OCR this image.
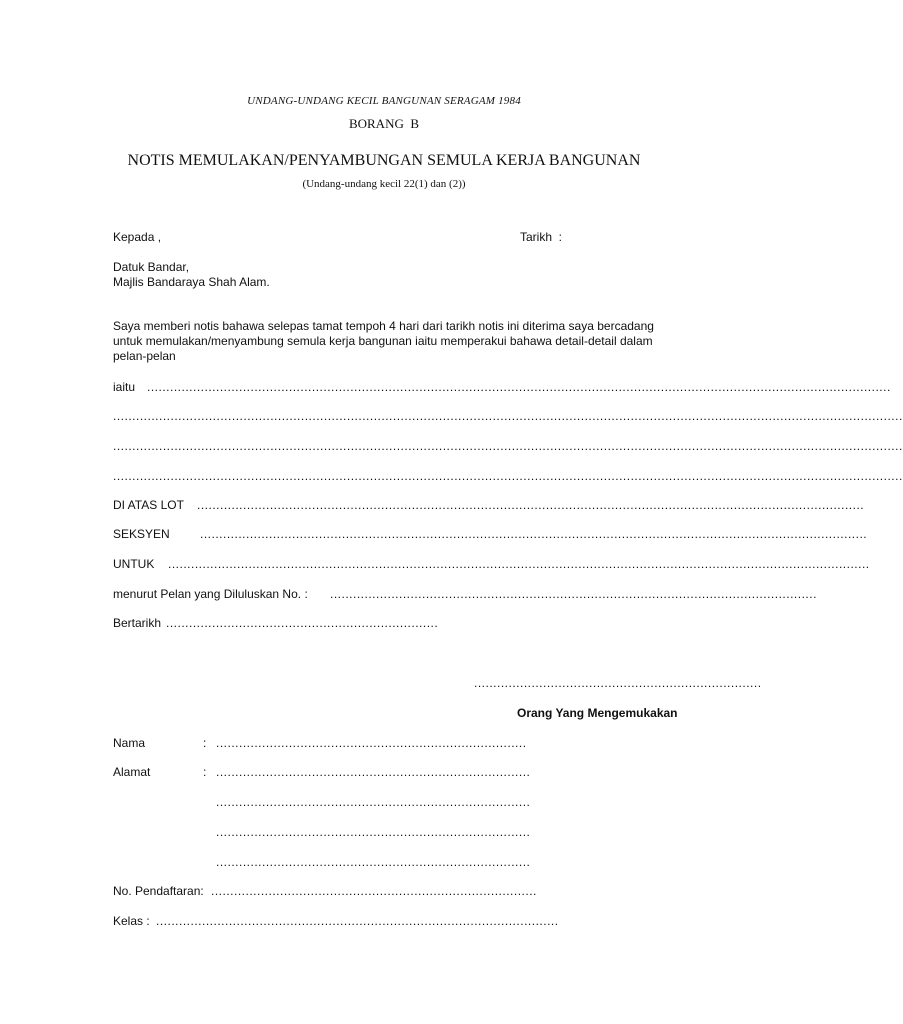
UNDANG-UNDANG KECIL BANGUNAN SERAGAM 1984
BORANG  B
NOTIS MEMULAKAN/PENYAMBUNGAN SEMULA KERJA BANGUNAN
(Undang-undang kecil 22(1) dan (2))
Kepada ,	Tarikh  :
Datuk Bandar,
Majlis Bandaraya Shah Alam.
Saya memberi notis bahawa selepas tamat tempoh 4 hari dari tarikh notis ini diterima saya bercadang
untuk memulakan/menyambung semula kerja bangunan iaitu memperakui bahawa detail-detail dalam
pelan-pelan
iaitu ..................................................................................................................................................................................................
..............................................................................................................................................................................................................
..............................................................................................................................................................................................................
..............................................................................................................................................................................................................
DI ATAS LOT ..............................................................................................................................................................................
SEKSYEN	..............................................................................................................................................................................
UNTUK .......................................................................................................................................................................................
menurut Pelan yang Diluluskan No. : ...............................................................................................................................
Bertarikh .......................................................................
...........................................................................
Orang Yang Mengemukakan
Nama	: .................................................................................
Alamat	: ..................................................................................
..................................................................................
..................................................................................
..................................................................................
No. Pendaftaran: .....................................................................................
Kelas : .........................................................................................................
